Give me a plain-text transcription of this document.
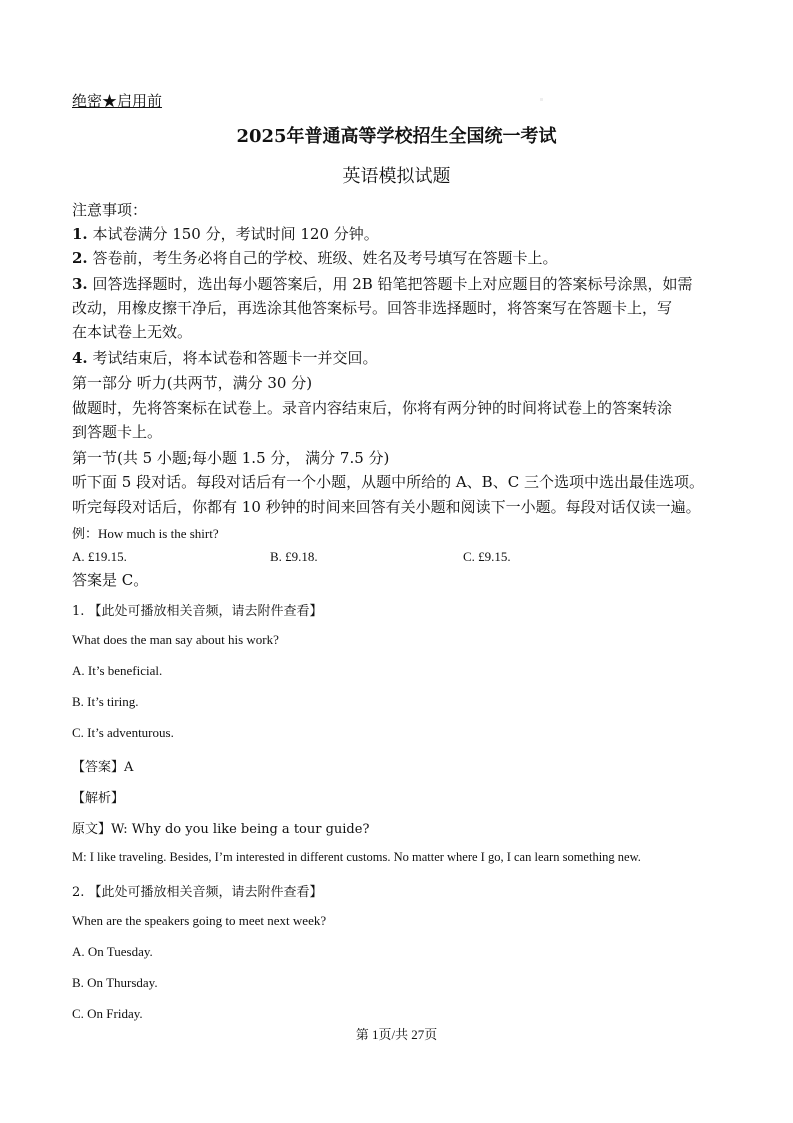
绝密★启用前
2025年普通高等学校招生全国统一考试
英语模拟试题
注意事项：
1. 本试卷满分 150 分，考试时间 120 分钟。
2. 答卷前，考生务必将自己的学校、班级、姓名及考号填写在答题卡上。
3. 回答选择题时，选出每小题答案后，用 2B 铅笔把答题卡上对应题目的答案标号涂黑，如需
改动，用橡皮擦干净后，再选涂其他答案标号。回答非选择题时，将答案写在答题卡上，写
在本试卷上无效。
4. 考试结束后，将本试卷和答题卡一并交回。
第一部分 听力(共两节，满分 30 分)
做题时，先将答案标在试卷上。录音内容结束后，你将有两分钟的时间将试卷上的答案转涂
到答题卡上。
第一节(共 5 小题;每小题 1.5 分， 满分 7.5 分)
听下面 5 段对话。每段对话后有一个小题，从题中所给的 A、B、C 三个选项中选出最佳选项。
听完每段对话后，你都有 10 秒钟的时间来回答有关小题和阅读下一小题。每段对话仅读一遍。
例：How much is the shirt?
A. £19.15.	B. £9.18.	C. £9.15.
答案是 C。
1. 【此处可播放相关音频，请去附件查看】
What does the man say about his work?
A. It’s beneficial.
B. It’s tiring.
C. It’s adventurous.
【答案】A
【解析】
原文】W: Why do you like being a tour guide?
M: I like traveling. Besides, I’m interested in different customs. No matter where I go, I can learn something new.
2. 【此处可播放相关音频，请去附件查看】
When are the speakers going to meet next week?
A. On Tuesday.
B. On Thursday.
C. On Friday.
第 1页/共 27页
